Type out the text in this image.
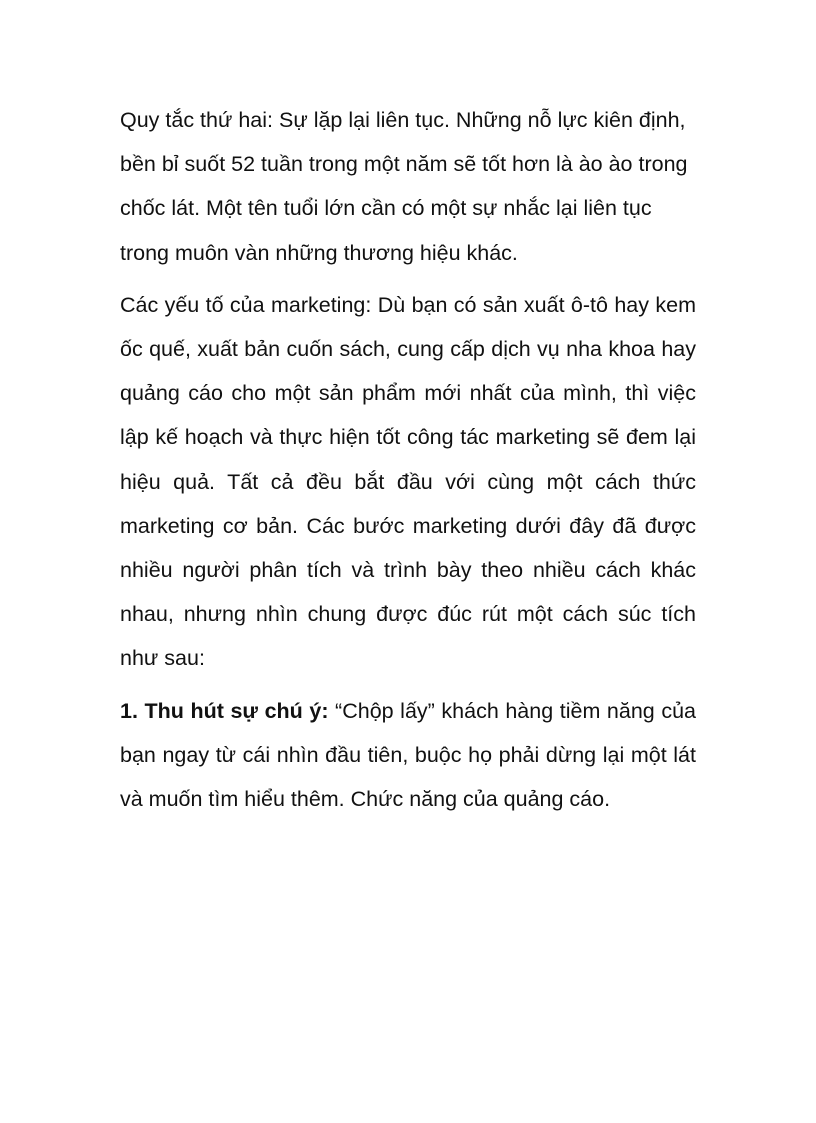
Quy tắc thứ hai: Sự lặp lại liên tục. Những nỗ lực kiên định, bền bỉ suốt 52 tuần trong một năm sẽ tốt hơn là ào ào trong chốc lát. Một tên tuổi lớn cần có một sự nhắc lại liên tục trong muôn vàn những thương hiệu khác.

Các yếu tố của marketing: Dù bạn có sản xuất ô-tô hay kem ốc quế, xuất bản cuốn sách, cung cấp dịch vụ nha khoa hay quảng cáo cho một sản phẩm mới nhất của mình, thì việc lập kế hoạch và thực hiện tốt công tác marketing sẽ đem lại hiệu quả. Tất cả đều bắt đầu với cùng một cách thức marketing cơ bản. Các bước marketing dưới đây đã được nhiều người phân tích và trình bày theo nhiều cách khác nhau, nhưng nhìn chung được đúc rút một cách súc tích như sau:

1. Thu hút sự chú ý: “Chộp lấy” khách hàng tiềm năng của bạn ngay từ cái nhìn đầu tiên, buộc họ phải dừng lại một lát và muốn tìm hiểu thêm. Chức năng của quảng cáo.
